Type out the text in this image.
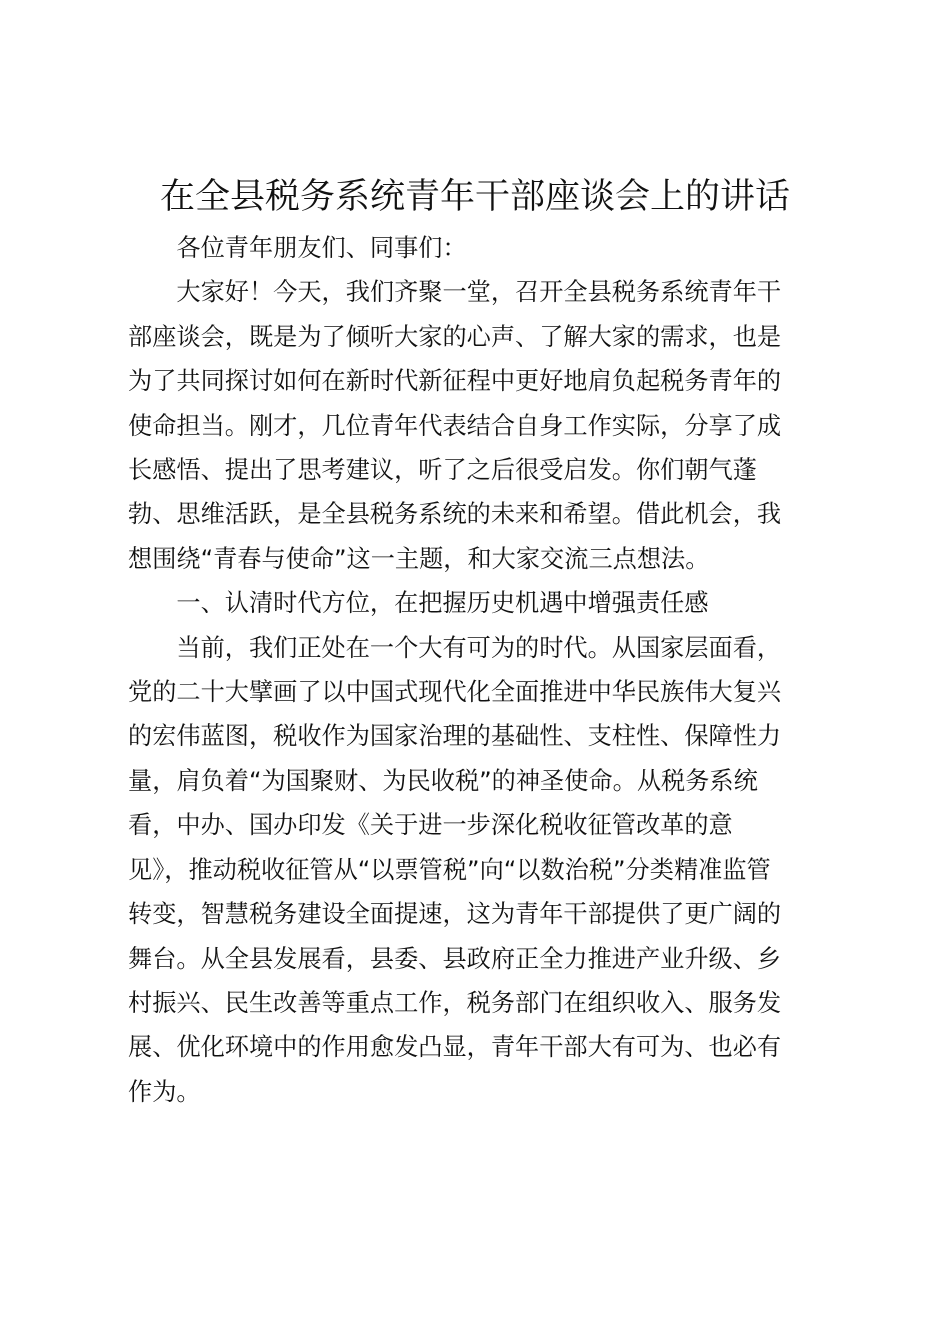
在全县税务系统青年干部座谈会上的讲话

各位青年朋友们、同事们：

大家好！今天，我们齐聚一堂，召开全县税务系统青年干
部座谈会，既是为了倾听大家的心声、了解大家的需求，也是
为了共同探讨如何在新时代新征程中更好地肩负起税务青年的
使命担当。刚才，几位青年代表结合自身工作实际，分享了成
长感悟、提出了思考建议，听了之后很受启发。你们朝气蓬
勃、思维活跃，是全县税务系统的未来和希望。借此机会，我
想围绕“青春与使命”这一主题，和大家交流三点想法。

一、认清时代方位，在把握历史机遇中增强责任感

当前，我们正处在一个大有可为的时代。从国家层面看，
党的二十大擘画了以中国式现代化全面推进中华民族伟大复兴
的宏伟蓝图，税收作为国家治理的基础性、支柱性、保障性力
量，肩负着“为国聚财、为民收税”的神圣使命。从税务系统
看，中办、国办印发《关于进一步深化税收征管改革的意
见》，推动税收征管从“以票管税”向“以数治税”分类精准监管
转变，智慧税务建设全面提速，这为青年干部提供了更广阔的
舞台。从全县发展看，县委、县政府正全力推进产业升级、乡
村振兴、民生改善等重点工作，税务部门在组织收入、服务发
展、优化环境中的作用愈发凸显，青年干部大有可为、也必有
作为。
